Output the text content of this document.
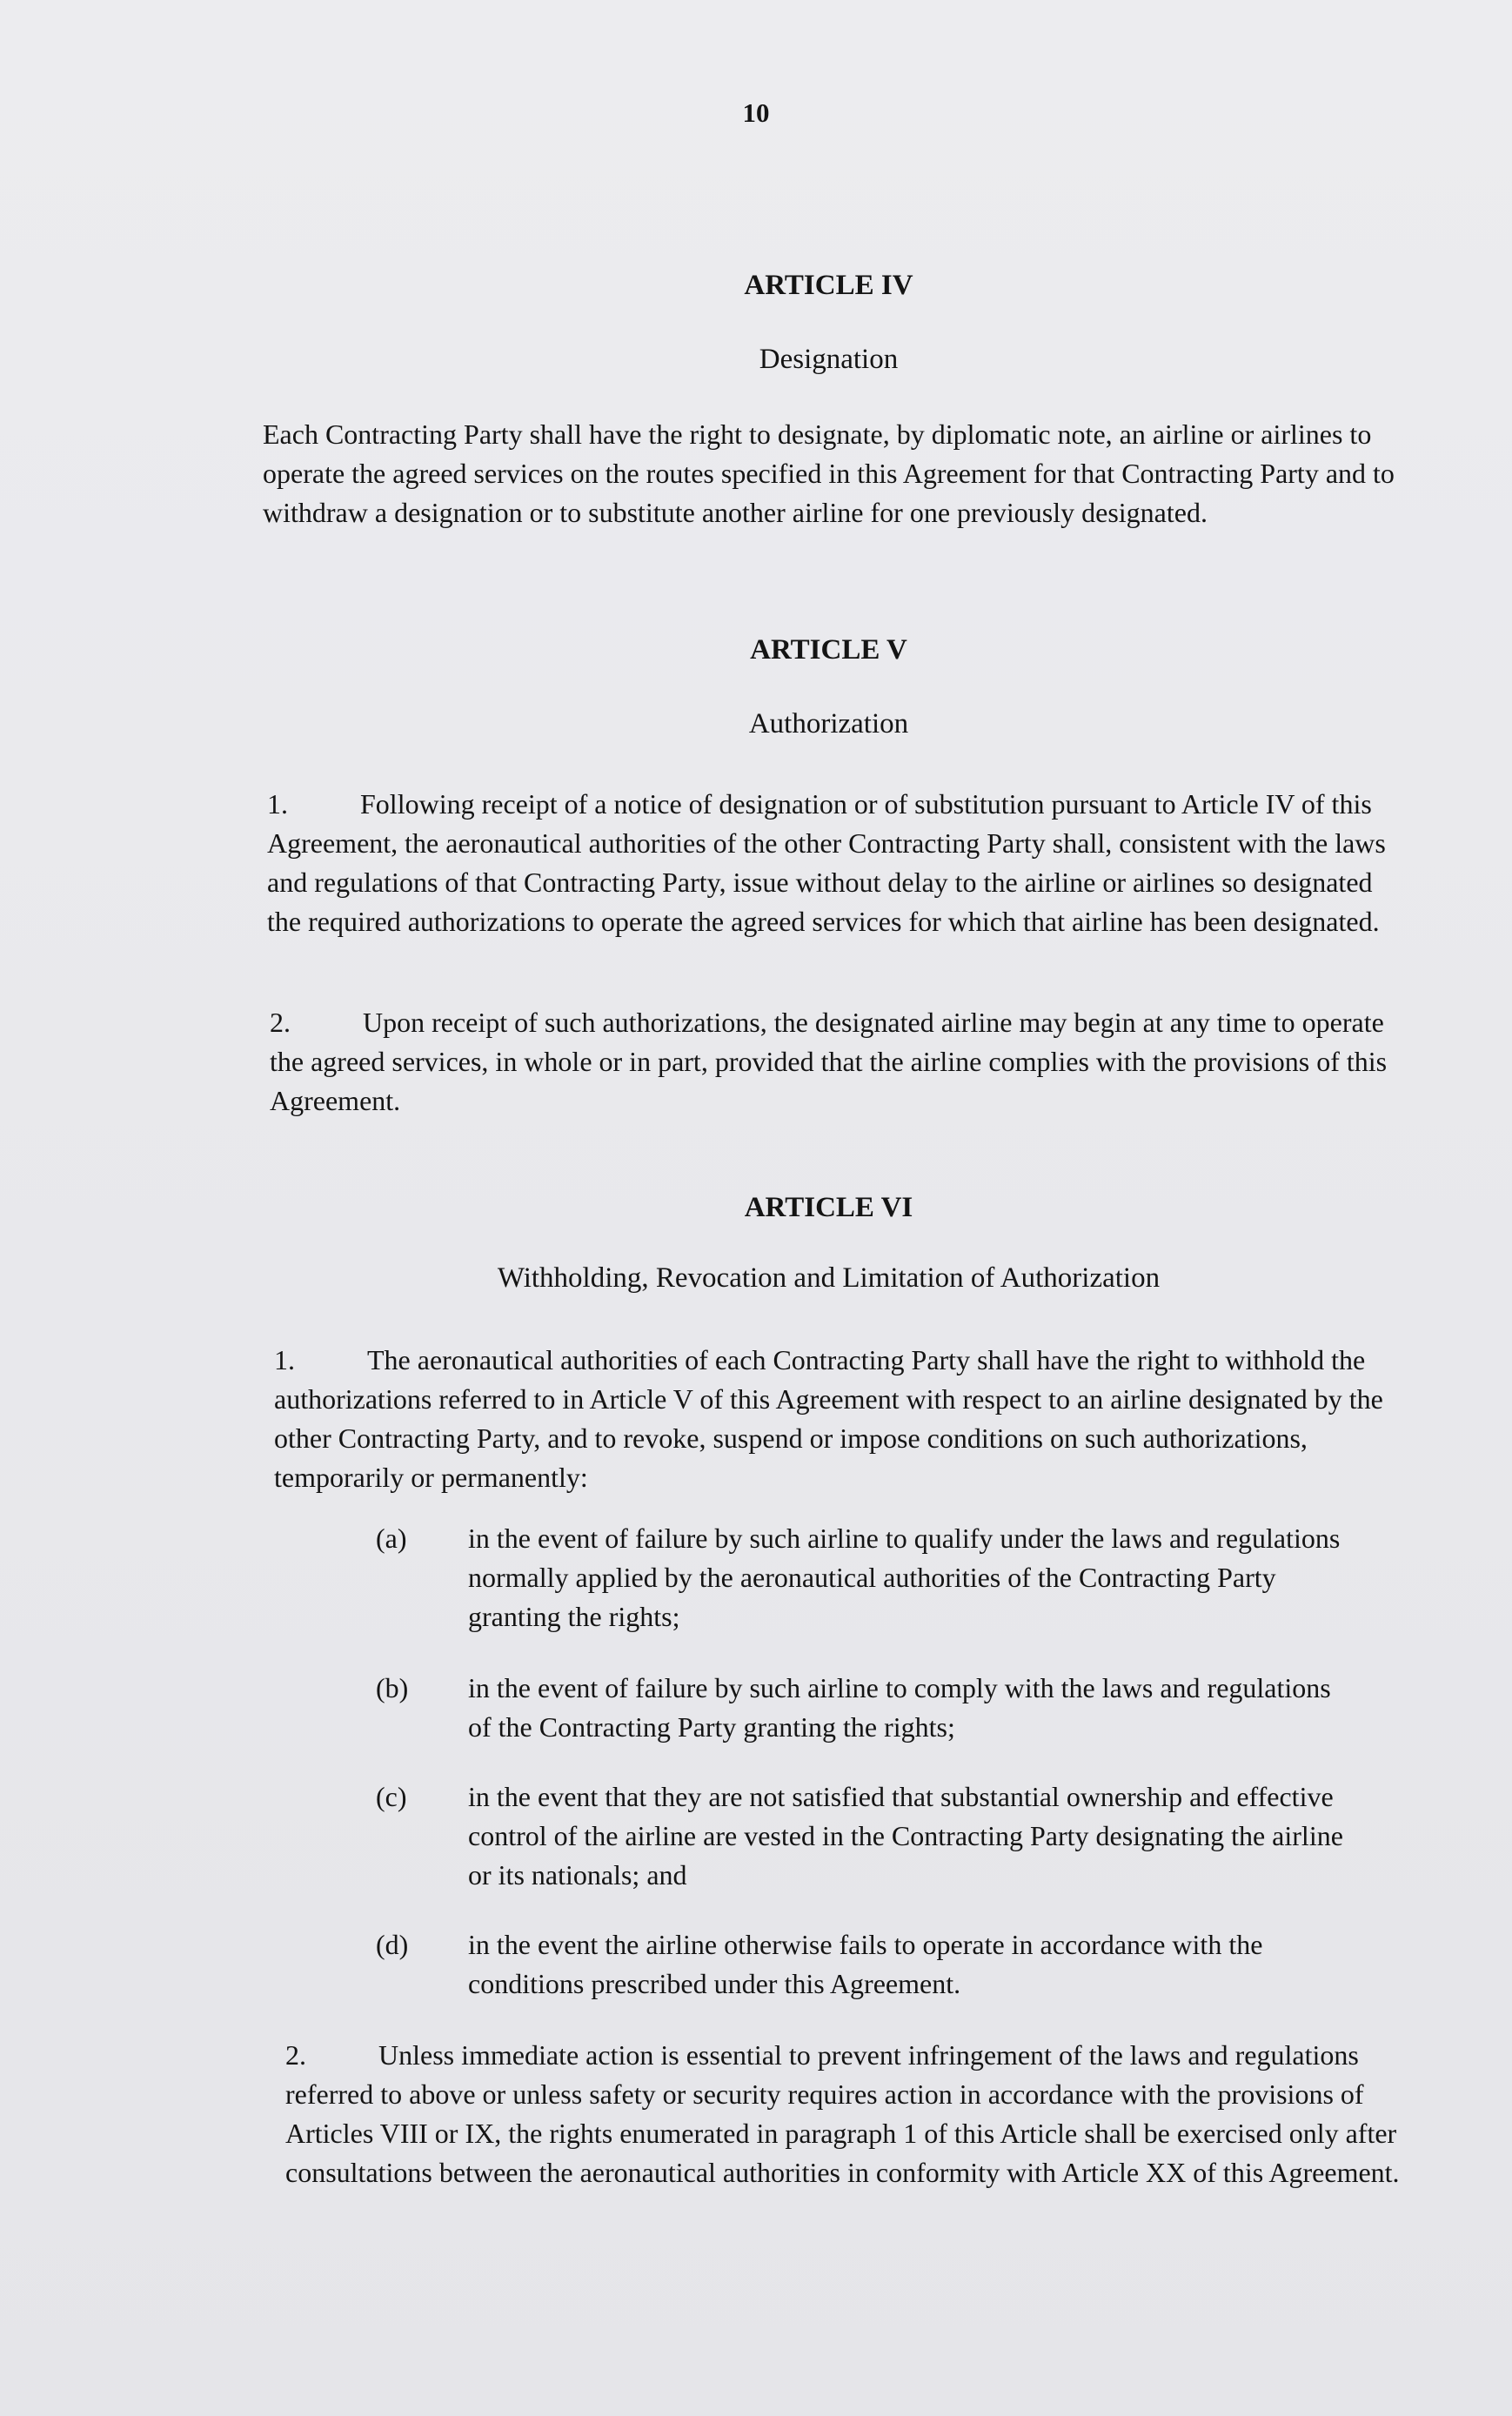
10
ARTICLE IV
Designation

Each Contracting Party shall have the right to designate, by diplomatic note, an airline or airlines to operate the agreed services on the routes specified in this Agreement for that Contracting Party and to withdraw a designation or to substitute another airline for one previously designated.

ARTICLE V
Authorization

1.	Following receipt of a notice of designation or of substitution pursuant to Article IV of this Agreement, the aeronautical authorities of the other Contracting Party shall, consistent with the laws and regulations of that Contracting Party, issue without delay to the airline or airlines so designated the required authorizations to operate the agreed services for which that airline has been designated.

2.	Upon receipt of such authorizations, the designated airline may begin at any time to operate the agreed services, in whole or in part, provided that the airline complies with the provisions of this Agreement.

ARTICLE VI
Withholding, Revocation and Limitation of Authorization

1.	The aeronautical authorities of each Contracting Party shall have the right to withhold the authorizations referred to in Article V of this Agreement with respect to an airline designated by the other Contracting Party, and to revoke, suspend or impose conditions on such authorizations, temporarily or permanently:

(a) in the event of failure by such airline to qualify under the laws and regulations normally applied by the aeronautical authorities of the Contracting Party granting the rights;
(b) in the event of failure by such airline to comply with the laws and regulations of the Contracting Party granting the rights;
(c) in the event that they are not satisfied that substantial ownership and effective control of the airline are vested in the Contracting Party designating the airline or its nationals; and
(d) in the event the airline otherwise fails to operate in accordance with the conditions prescribed under this Agreement.

2.	Unless immediate action is essential to prevent infringement of the laws and regulations referred to above or unless safety or security requires action in accordance with the provisions of Articles VIII or IX, the rights enumerated in paragraph 1 of this Article shall be exercised only after consultations between the aeronautical authorities in conformity with Article XX of this Agreement.
